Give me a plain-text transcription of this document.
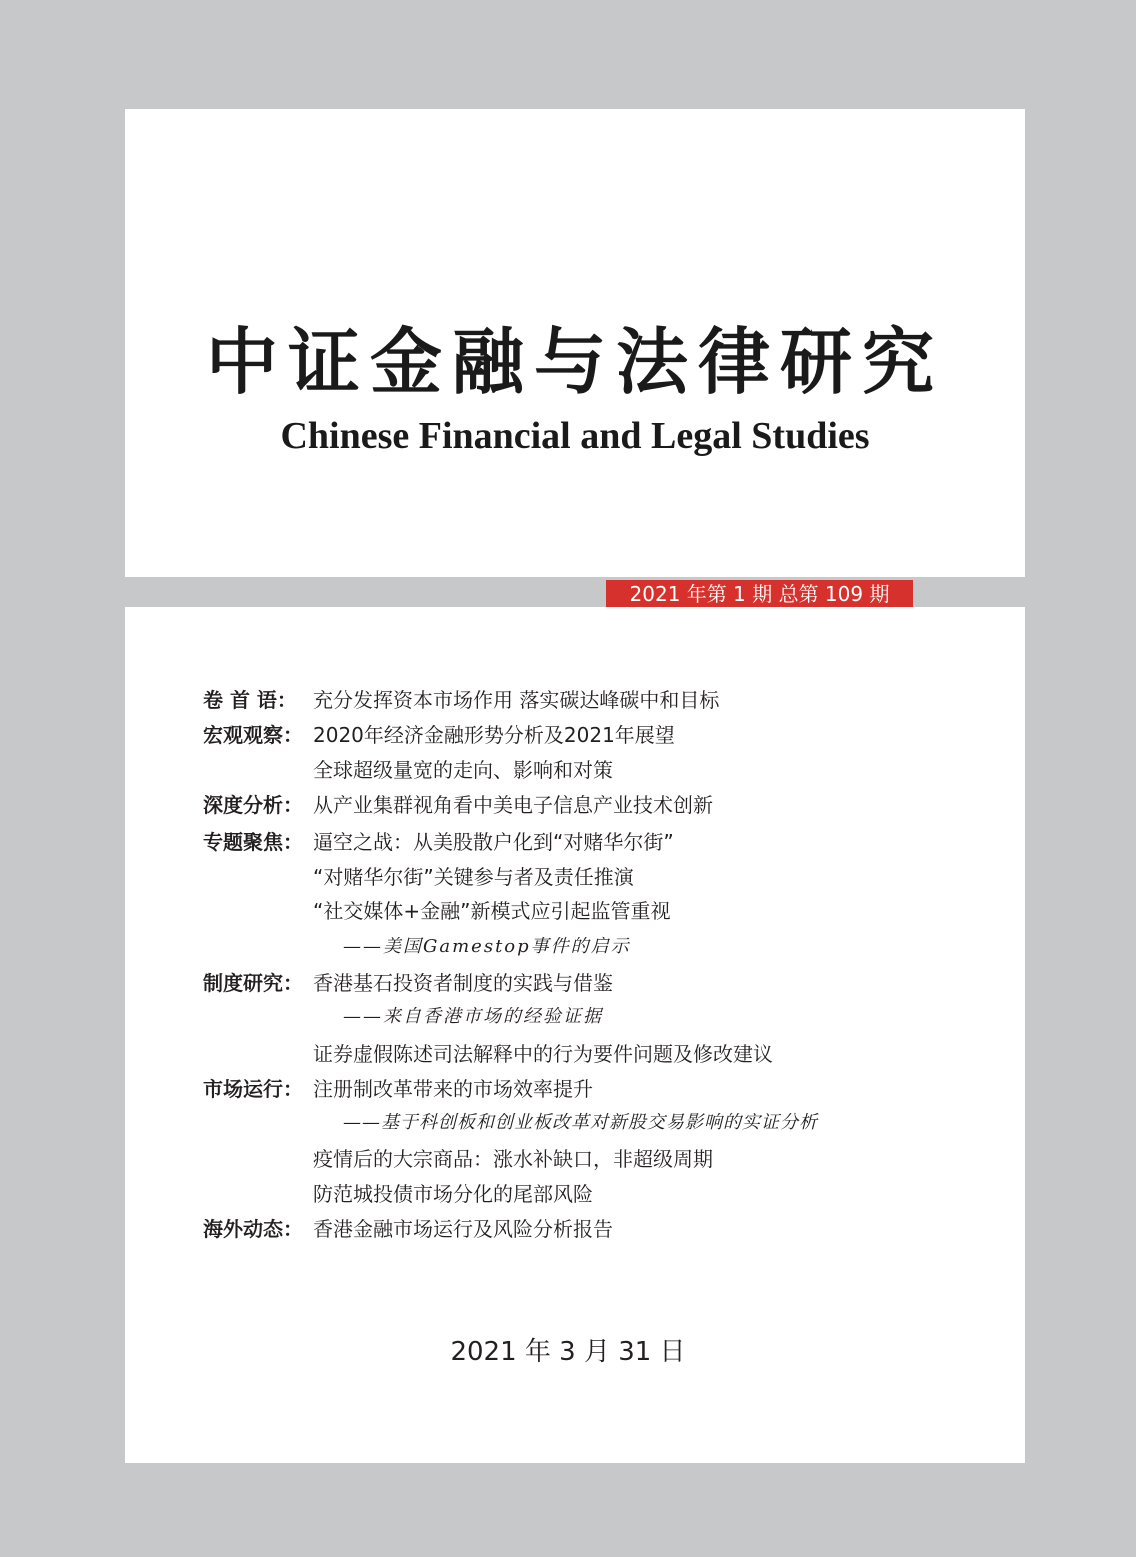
中证金融与法律研究
Chinese Financial and Legal Studies
2021 年第 1 期 总第 109 期
卷 首 语： 充分发挥资本市场作用 落实碳达峰碳中和目标
宏观观察： 2020年经济金融形势分析及2021年展望
全球超级量宽的走向、影响和对策
深度分析： 从产业集群视角看中美电子信息产业技术创新
专题聚焦： 逼空之战：从美股散户化到“对赌华尔街”
“对赌华尔街”关键参与者及责任推演
“社交媒体+金融”新模式应引起监管重视
——美国Gamestop事件的启示
制度研究： 香港基石投资者制度的实践与借鉴
——来自香港市场的经验证据
证券虚假陈述司法解释中的行为要件问题及修改建议
市场运行： 注册制改革带来的市场效率提升
——基于科创板和创业板改革对新股交易影响的实证分析
疫情后的大宗商品：涨水补缺口，非超级周期
防范城投债市场分化的尾部风险
海外动态： 香港金融市场运行及风险分析报告
2021 年 3 月 31 日
